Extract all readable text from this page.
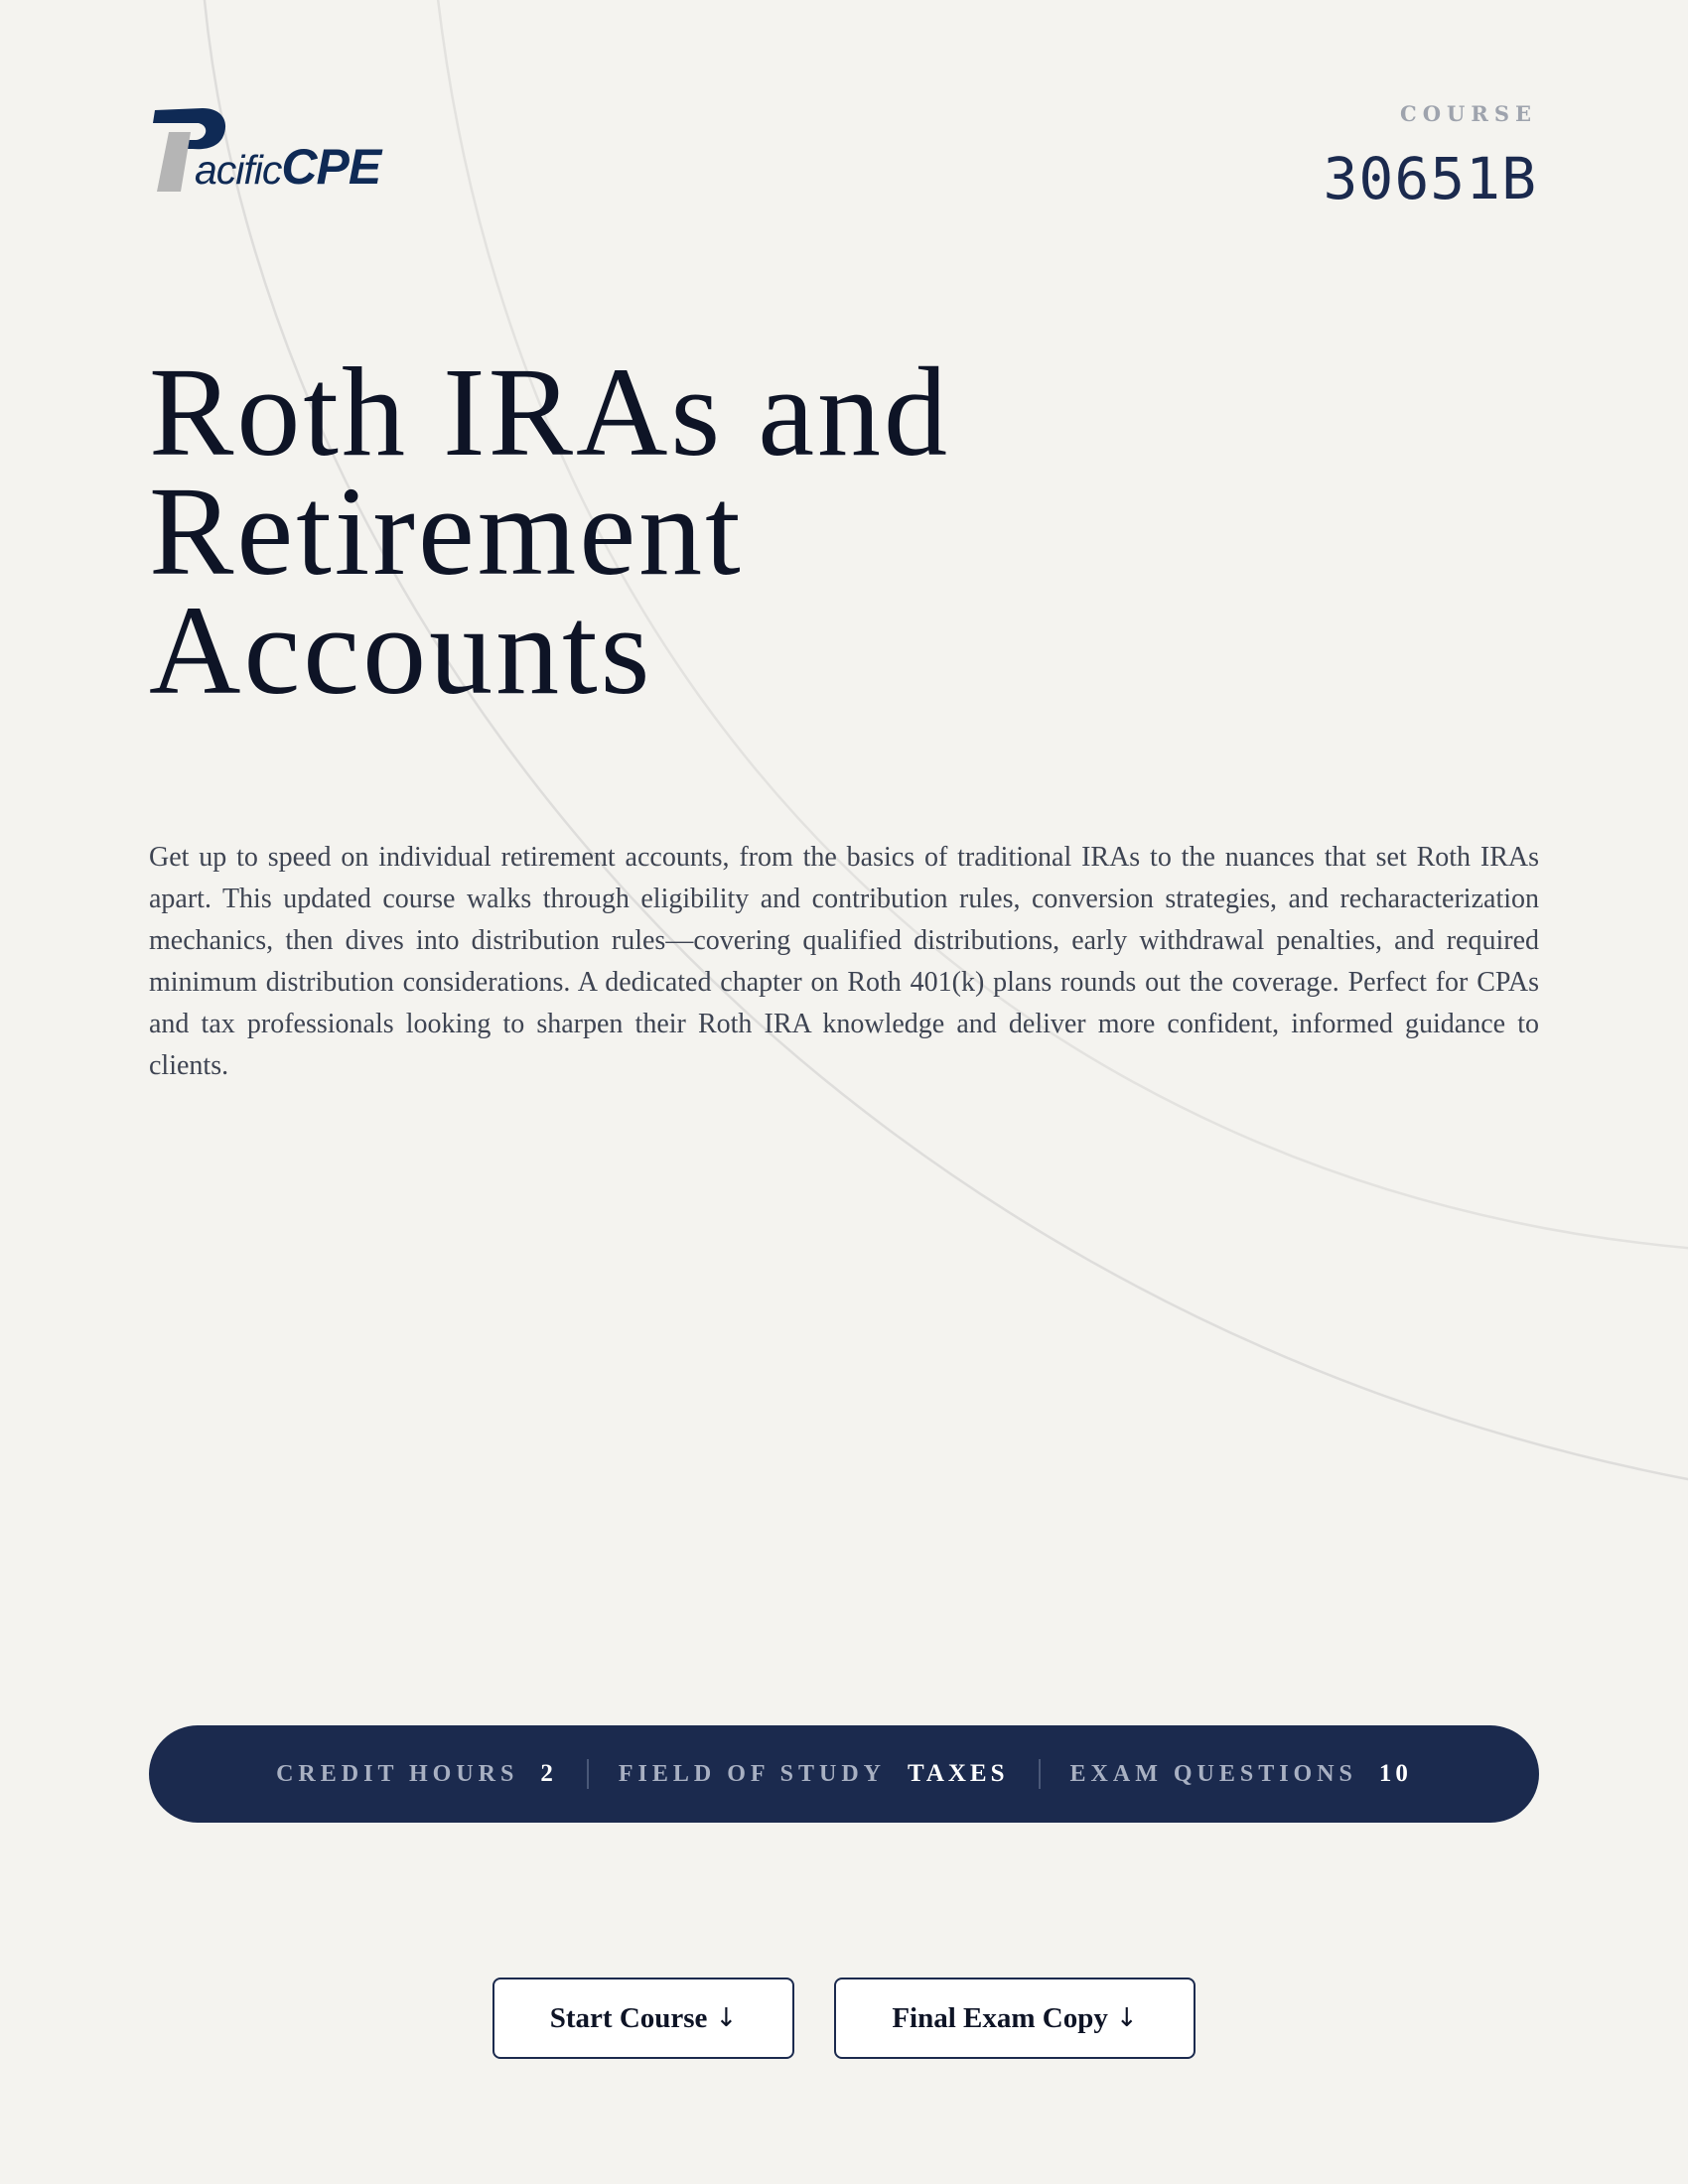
acificCPE
COURSE
30651B
Roth IRAs and
Retirement
Accounts

Get up to speed on individual retirement accounts, from the basics of traditional IRAs to the nuances that set Roth IRAs apart. This updated course walks through eligibility and contribution rules, conversion strategies, and recharacterization mechanics, then dives into distribution rules—covering qualified distributions, early withdrawal penalties, and required minimum distribution considerations. A dedicated chapter on Roth 401(k) plans rounds out the coverage. Perfect for CPAs and tax professionals looking to sharpen their Roth IRA knowledge and deliver more confident, informed guidance to clients.

CREDIT HOURS 2	FIELD OF STUDY TAXES	EXAM QUESTIONS 10
Start Course ↓	Final Exam Copy ↓
